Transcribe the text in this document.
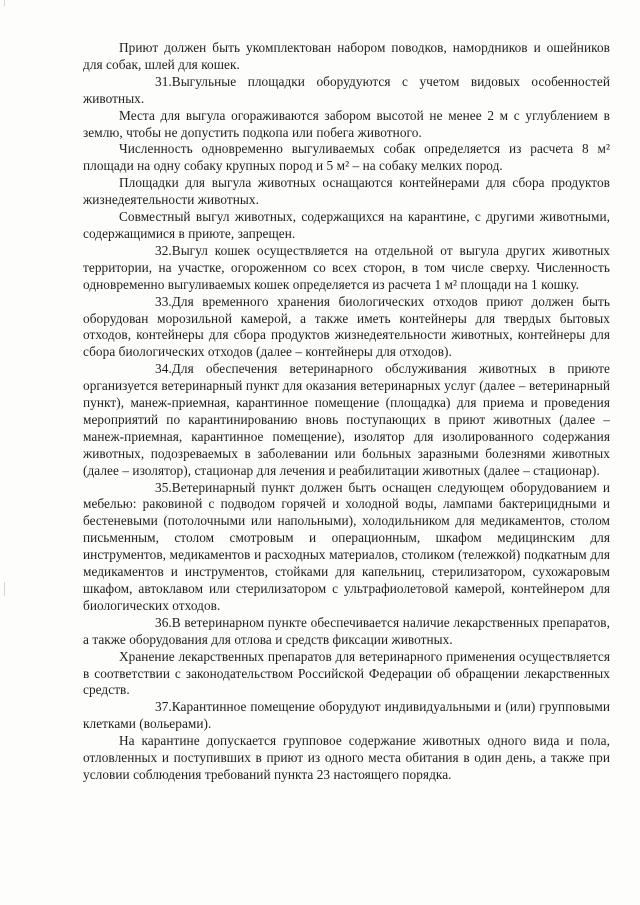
Приют должен быть укомплектован набором поводков, намордников и ошейников для собак, шлей для кошек.

31.Выгульные площадки оборудуются с учетом видовых особенностей животных.

Места для выгула огораживаются забором высотой не менее 2 м с углублением в землю, чтобы не допустить подкопа или побега животного.

Численность одновременно выгуливаемых собак определяется из расчета 8 м² площади на одну собаку крупных пород и 5 м² – на собаку мелких пород.

Площадки для выгула животных оснащаются контейнерами для сбора продуктов жизнедеятельности животных.

Совместный выгул животных, содержащихся на карантине, с другими животными, содержащимися в приюте, запрещен.

32.Выгул кошек осуществляется на отдельной от выгула других животных территории, на участке, огороженном со всех сторон, в том числе сверху. Численность одновременно выгуливаемых кошек определяется из расчета 1 м² площади на 1 кошку.

33.Для временного хранения биологических отходов приют должен быть оборудован морозильной камерой, а также иметь контейнеры для твердых бытовых отходов, контейнеры для сбора продуктов жизнедеятельности животных, контейнеры для сбора биологических отходов (далее – контейнеры для отходов).

34.Для обеспечения ветеринарного обслуживания животных в приюте организуется ветеринарный пункт для оказания ветеринарных услуг (далее – ветеринарный пункт), манеж-приемная, карантинное помещение (площадка) для приема и проведения мероприятий по карантинированию вновь поступающих в приют животных (далее – манеж-приемная, карантинное помещение), изолятор для изолированного содержания животных, подозреваемых в заболевании или больных заразными болезнями животных (далее – изолятор), стационар для лечения и реабилитации животных (далее – стационар).

35.Ветеринарный пункт должен быть оснащен следующем оборудованием и мебелью: раковиной с подводом горячей и холодной воды, лампами бактерицидными и бестеневыми (потолочными или напольными), холодильником для медикаментов, столом письменным, столом смотровым и операционным, шкафом медицинским для инструментов, медикаментов и расходных материалов, столиком (тележкой) подкатным для медикаментов и инструментов, стойками для капельниц, стерилизатором, сухожаровым шкафом, автоклавом или стерилизатором с ультрафиолетовой камерой, контейнером для биологических отходов.

36.В ветеринарном пункте обеспечивается наличие лекарственных препаратов, а также оборудования для отлова и средств фиксации животных.

Хранение лекарственных препаратов для ветеринарного применения осуществляется в соответствии с законодательством Российской Федерации об обращении лекарственных средств.

37.Карантинное помещение оборудуют индивидуальными и (или) групповыми клетками (вольерами).

На карантине допускается групповое содержание животных одного вида и пола, отловленных и поступивших в приют из одного места обитания в один день, а также при условии соблюдения требований пункта 23 настоящего порядка.
